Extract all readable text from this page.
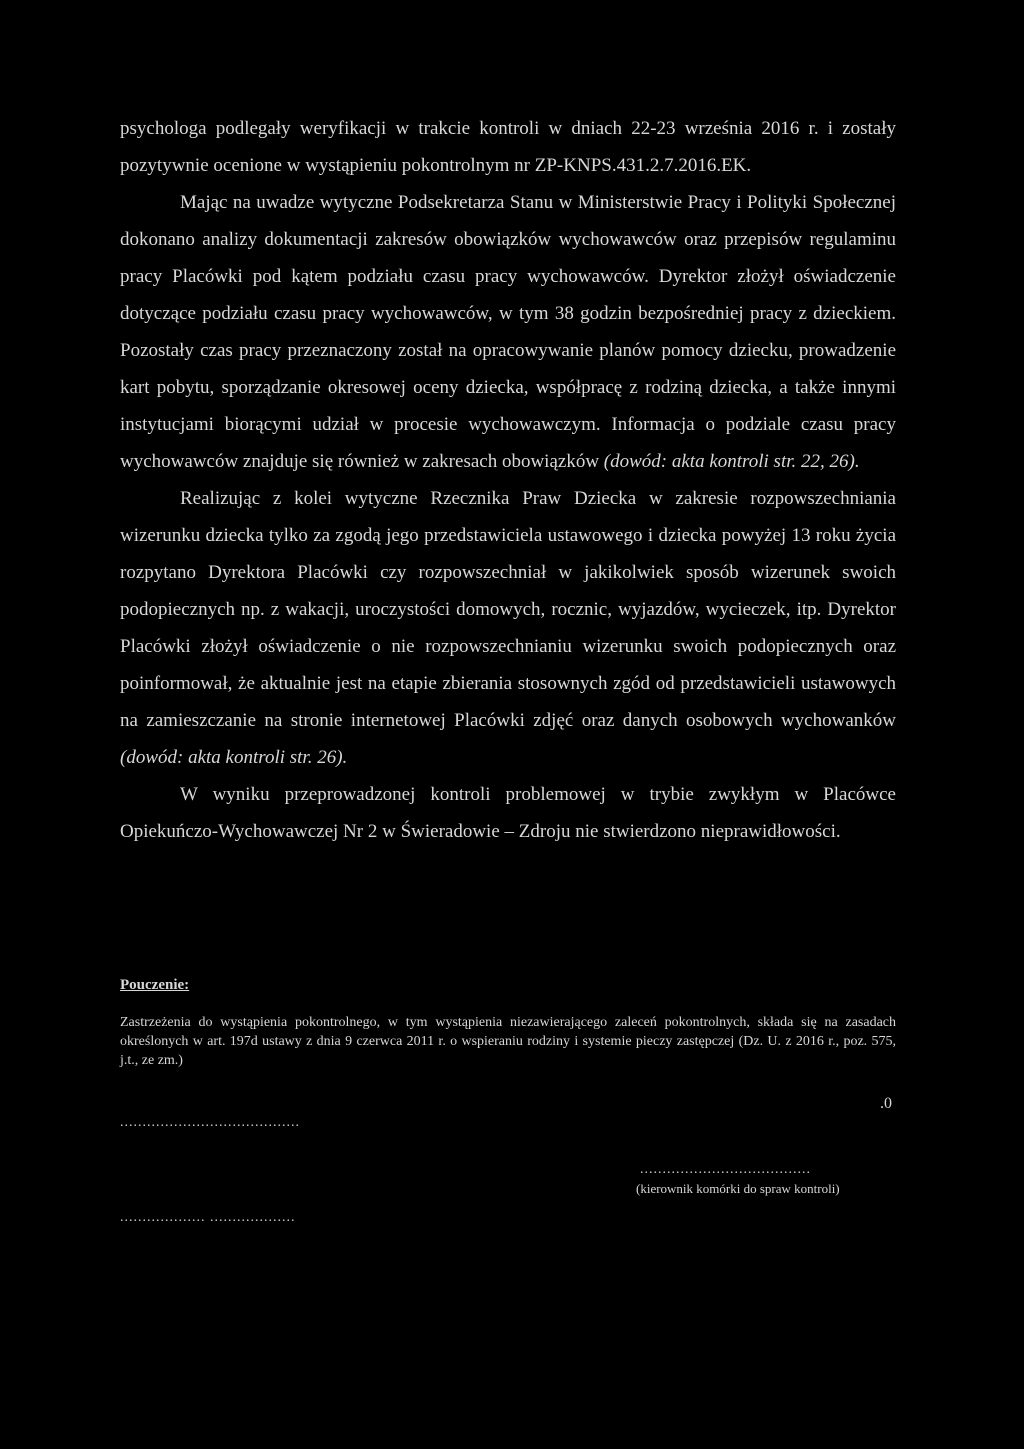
psychologa podlegały weryfikacji w trakcie kontroli w dniach 22-23 września 2016 r. i zostały pozytywnie ocenione w wystąpieniu pokontrolnym nr ZP-KNPS.431.2.7.2016.EK.

Mając na uwadze wytyczne Podsekretarza Stanu w Ministerstwie Pracy i Polityki Społecznej dokonano analizy dokumentacji zakresów obowiązków wychowawców oraz przepisów regulaminu pracy Placówki pod kątem podziału czasu pracy wychowawców. Dyrektor złożył oświadczenie dotyczące podziału czasu pracy wychowawców, w tym 38 godzin bezpośredniej pracy z dzieckiem. Pozostały czas pracy przeznaczony został na opracowywanie planów pomocy dziecku, prowadzenie kart pobytu, sporządzanie okresowej oceny dziecka, współpracę z rodziną dziecka, a także innymi instytucjami biorącymi udział w procesie wychowawczym. Informacja o podziale czasu pracy wychowawców znajduje się również w zakresach obowiązków (dowód: akta kontroli str. 22, 26).

Realizując z kolei wytyczne Rzecznika Praw Dziecka w zakresie rozpowszechniania wizerunku dziecka tylko za zgodą jego przedstawiciela ustawowego i dziecka powyżej 13 roku życia rozpytano Dyrektora Placówki czy rozpowszechniał w jakikolwiek sposób wizerunek swoich podopiecznych np. z wakacji, uroczystości domowych, rocznic, wyjazdów, wycieczek, itp. Dyrektor Placówki złożył oświadczenie o nie rozpowszechnianiu wizerunku swoich podopiecznych oraz poinformował, że aktualnie jest na etapie zbierania stosownych zgód od przedstawicieli ustawowych na zamieszczanie na stronie internetowej Placówki zdjęć oraz danych osobowych wychowanków (dowód: akta kontroli str. 26).

W wyniku przeprowadzonej kontroli problemowej w trybie zwykłym w Placówce Opiekuńczo-Wychowawczej Nr 2 w Świeradowie – Zdroju nie stwierdzono nieprawidłowości.

Pouczenie:

Zastrzeżenia do wystąpienia pokontrolnego, w tym wystąpienia niezawierającego zaleceń pokontrolnych, składa się na zasadach określonych w art. 197d ustawy z dnia 9 czerwca 2011 r. o wspieraniu rodziny i systemie pieczy zastępczej (Dz. U. z 2016 r., poz. 575, j.t., ze zm.)

.0
........................................
......................................
(kierownik komórki do spraw kontroli)
................... ...................
